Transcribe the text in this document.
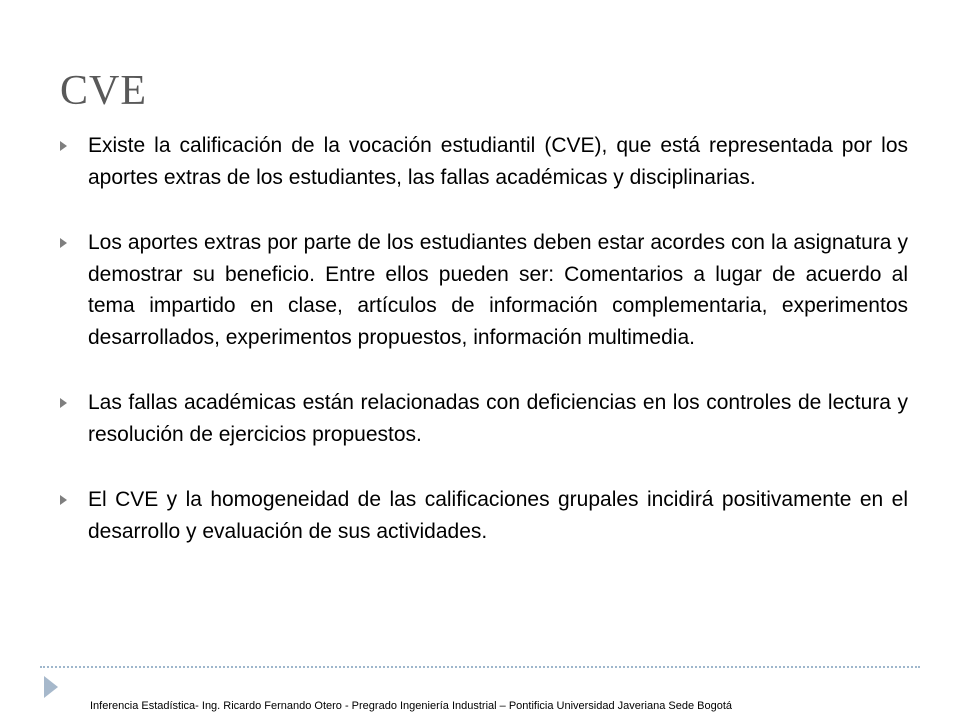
CVE
Existe la calificación de la vocación estudiantil (CVE), que está representada por los aportes extras de los estudiantes, las fallas académicas y disciplinarias.
Los aportes extras por parte de los estudiantes deben estar acordes con la asignatura y demostrar su beneficio. Entre ellos pueden ser: Comentarios a lugar de acuerdo al tema impartido en clase, artículos de información complementaria, experimentos desarrollados, experimentos propuestos, información multimedia.
Las fallas académicas están relacionadas con deficiencias en los controles de lectura y resolución de ejercicios propuestos.
El CVE y la homogeneidad de las calificaciones grupales incidirá positivamente en el desarrollo y evaluación de sus actividades.
Inferencia Estadística- Ing. Ricardo Fernando Otero - Pregrado Ingeniería Industrial – Pontificia Universidad Javeriana Sede Bogotá
